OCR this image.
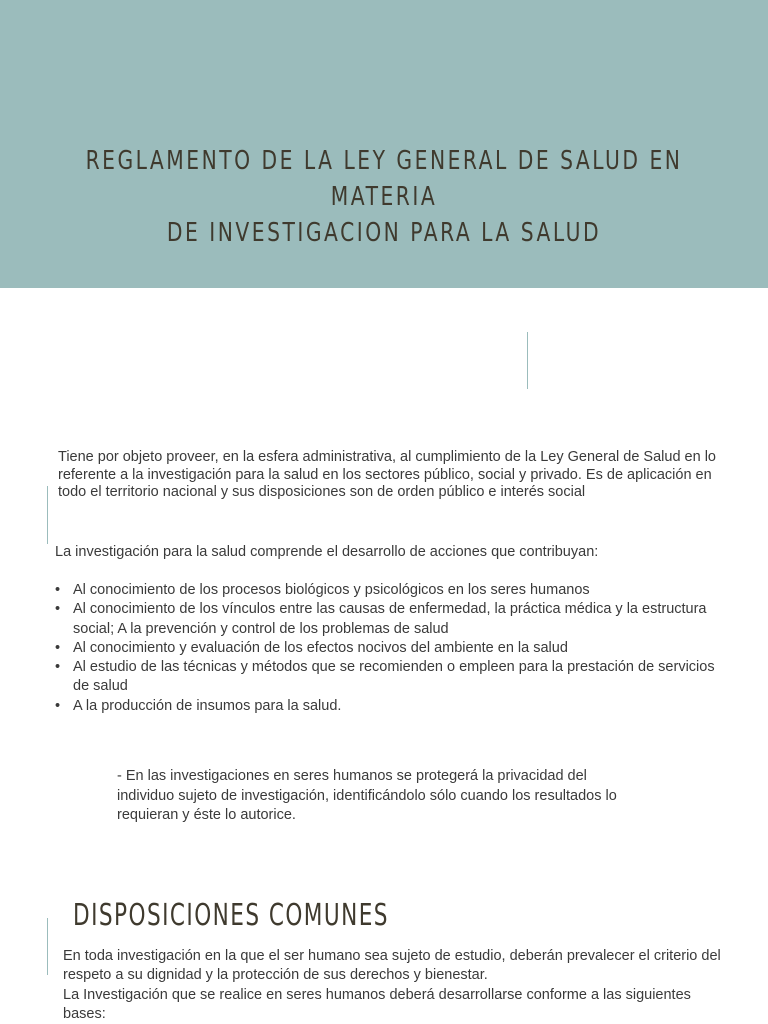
REGLAMENTO DE LA LEY GENERAL DE SALUD EN MATERIA
DE INVESTIGACION PARA LA SALUD
Tiene por objeto proveer, en la esfera administrativa, al cumplimiento de la Ley General de Salud en lo referente a la investigación para la salud en los sectores público, social y privado. Es de aplicación en todo el territorio nacional y sus disposiciones son de orden público e interés social
La investigación para la salud comprende el desarrollo de acciones que contribuyan:
• Al conocimiento de los procesos biológicos y psicológicos en los seres humanos
• Al conocimiento de los vínculos entre las causas de enfermedad, la práctica médica y la estructura social; A la prevención y control de los problemas de salud
• Al conocimiento y evaluación de los efectos nocivos del ambiente en la salud
• Al estudio de las técnicas y métodos que se recomienden o empleen para la prestación de servicios de salud
• A la producción de insumos para la salud.
- En las investigaciones en seres humanos se protegerá la privacidad del individuo sujeto de investigación, identificándolo sólo cuando los resultados lo requieran y éste lo autorice.
DISPOSICIONES COMUNES
En toda investigación en la que el ser humano sea sujeto de estudio, deberán prevalecer el criterio del respeto a su dignidad y la protección de sus derechos y bienestar.
La Investigación que se realice en seres humanos deberá desarrollarse conforme a las siguientes bases:
